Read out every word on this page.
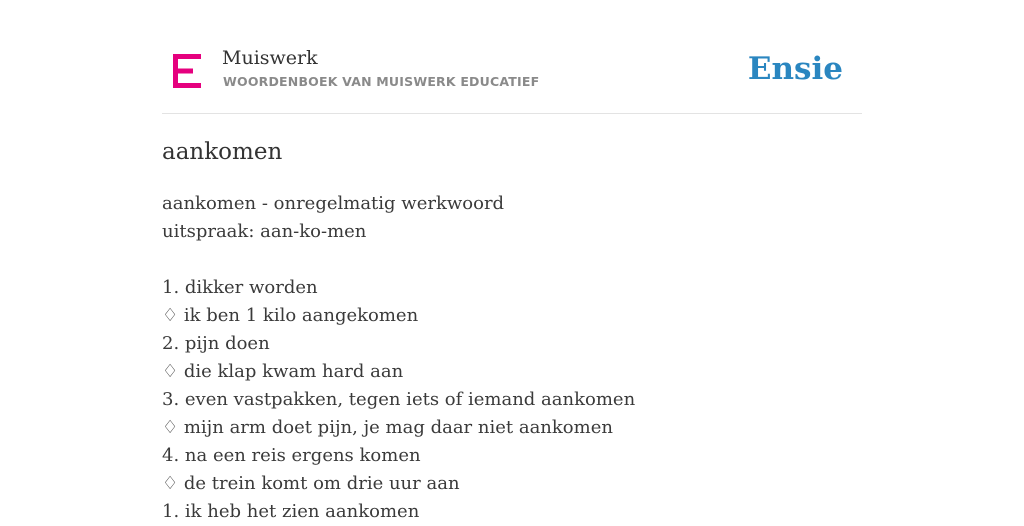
Muiswerk
WOORDENBOEK VAN MUISWERK EDUCATIEF	Ensie
aankomen
aankomen - onregelmatig werkwoord
uitspraak: aan-ko-men
1. dikker worden
♢ ik ben 1 kilo aangekomen
2. pijn doen
♢ die klap kwam hard aan
3. even vastpakken, tegen iets of iemand aankomen
♢ mijn arm doet pijn, je mag daar niet aankomen
4. na een reis ergens komen
♢ de trein komt om drie uur aan
1. ik heb het zien aankomen
